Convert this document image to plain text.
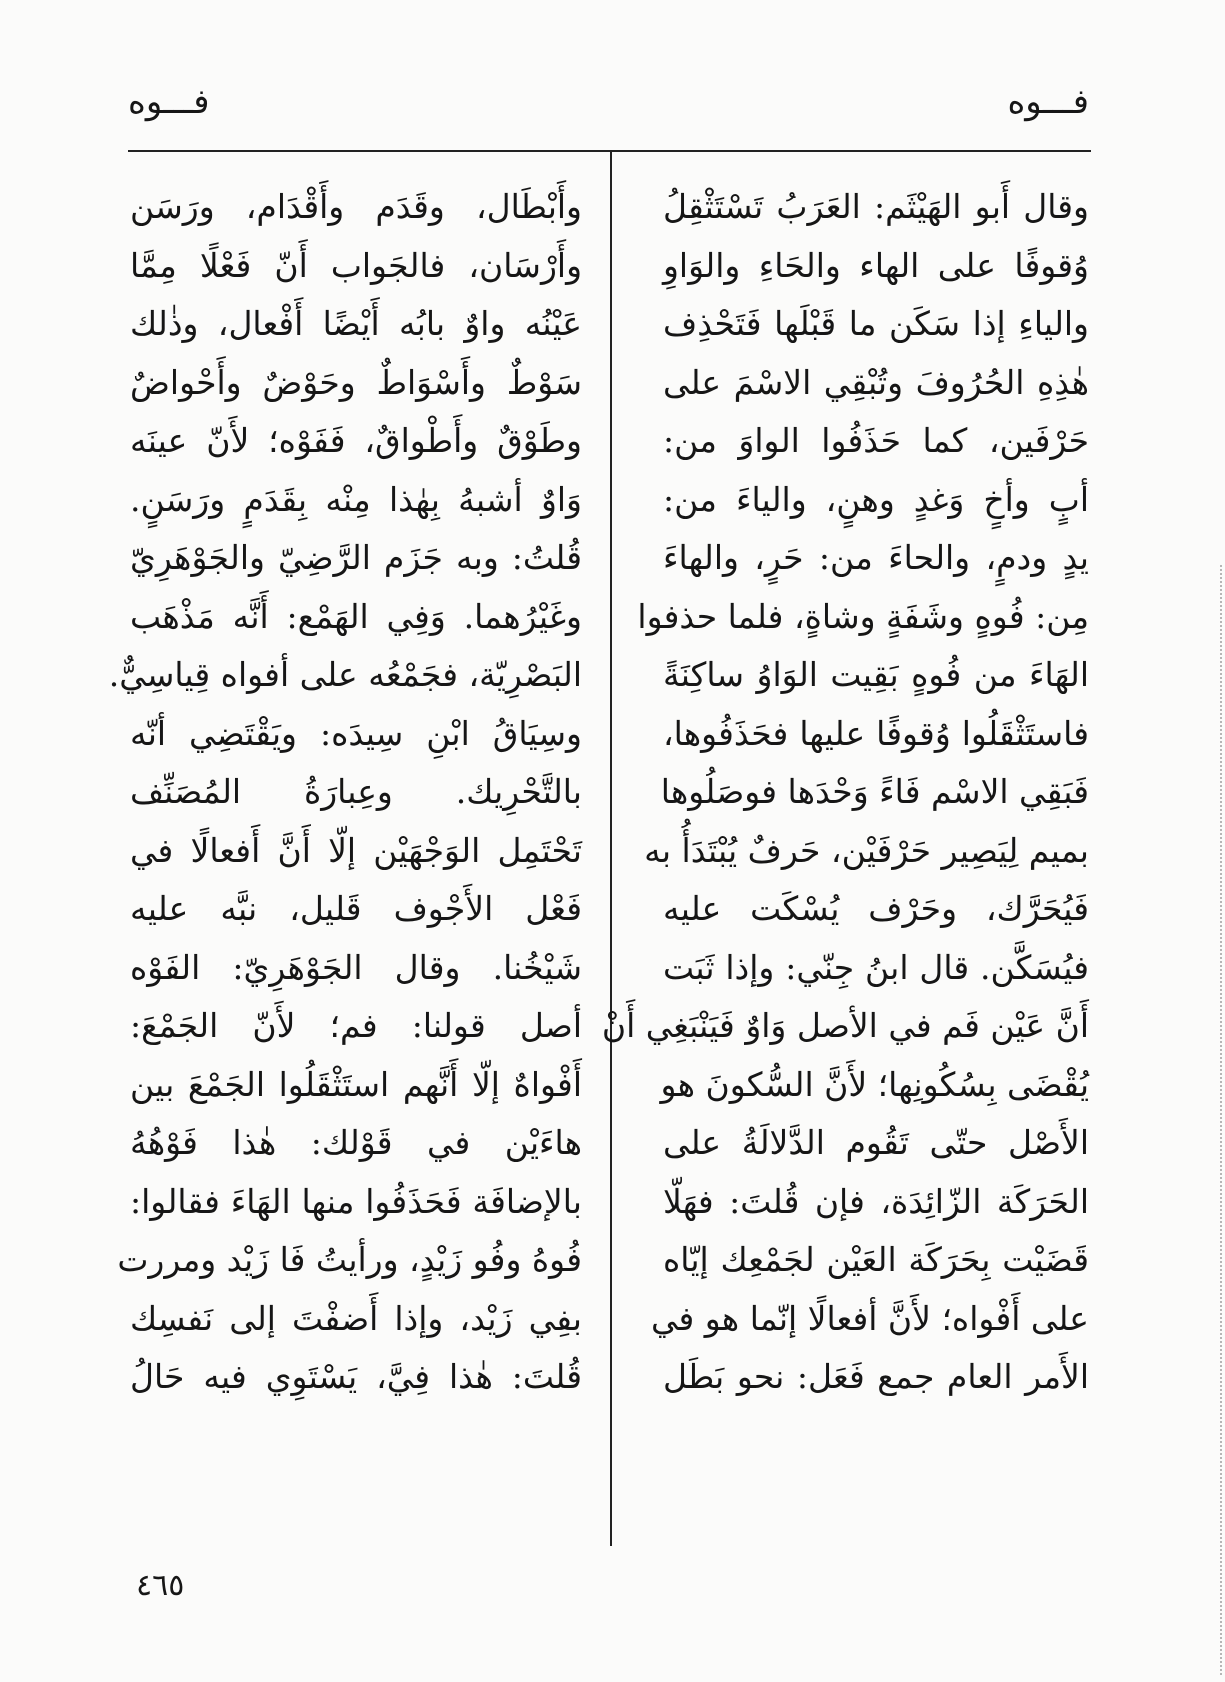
فـــوه
فـــوه
وقال أَبو الهَيْثَم: العَرَبُ تَسْتَثْقِلُ
وُقوفًا على الهاء والحَاءِ والوَاوِ
والياءِ إذا سَكَن ما قَبْلَها فَتَحْذِف
هٰذِهِ الحُرُوفَ وتُبْقِي الاسْمَ على
حَرْفَين، كما حَذَفُوا الواوَ من:
أبٍ وأخٍ وَغدٍ وهنٍ، والياءَ من:
يدٍ ودمٍ، والحاءَ من: حَرٍ، والهاءَ
مِن: فُوهٍ وشَفَةٍ وشاةٍ، فلما حذفوا
الهَاءَ من فُوهٍ بَقِيت الوَاوُ ساكِنَةً
فاستَثْقَلُوا وُقوفًا عليها فحَذَفُوها،
فَبَقِي الاسْم فَاءً وَحْدَها فوصَلُوها
بميم لِيَصِير حَرْفَيْن، حَرفٌ يُبْتَدَأُ به
فَيُحَرَّك، وحَرْف يُسْكَت عليه
فيُسَكَّن. قال ابنُ جِنّي: وإذا ثَبَت
أَنَّ عَيْن فَم في الأصل وَاوٌ فَيَنْبَغِي أَنْ
يُقْضَى بِسُكُونِها؛ لأَنَّ السُّكونَ هو
الأَصْل حتّى تَقُوم الدَّلالَةُ على
الحَرَكَة الزّائِدَة، فإن قُلتَ: فهَلّا
قَضَيْت بِحَرَكَة العَيْن لجَمْعِك إيّاه
على أَفْواه؛ لأَنَّ أفعالًا إنّما هو في
الأَمر العام جمع فَعَل: نحو بَطَل
وأَبْطَال، وقَدَم وأَقْدَام، ورَسَن
وأَرْسَان، فالجَواب أَنّ فَعْلًا مِمَّا
عَيْنُه واوٌ بابُه أَيْضًا أَفْعال، وذٰلك
سَوْطٌ وأَسْوَاطٌ وحَوْضٌ وأَحْواضٌ
وطَوْقٌ وأَطْواقٌ، فَفَوْه؛ لأَنّ عينَه
وَاوٌ أشبهُ بِهٰذا مِنْه بِقَدَمٍ ورَسَنٍ.
قُلتُ: وبه جَزَم الرَّضِيّ والجَوْهَرِيّ
وغَيْرُهما. وَفِي الهَمْع: أَنَّه مَذْهَب
البَصْرِيّة، فجَمْعُه على أفواه قِياسِيٌّ.
وسِيَاقُ ابْنِ سِيدَه: ويَقْتَضِي أنّه
بالتَّحْرِيك. وعِبارَةُ المُصَنِّف
تَحْتَمِل الوَجْهَيْن إلّا أَنَّ أَفعالًا في
فَعْل الأَجْوف قَليل، نبَّه عليه
شَيْخُنا. وقال الجَوْهَرِيّ: الفَوْه
أصل قولنا: فم؛ لأَنّ الجَمْعَ:
أَفْواهٌ إلّا أَنَّهم استَثْقَلُوا الجَمْعَ بين
هاءَيْن في قَوْلك: هٰذا فَوْهُهُ
بالإضافَة فَحَذَفُوا منها الهَاءَ فقالوا:
فُوهُ وفُو زَيْدٍ، ورأيتُ فَا زَيْد ومررت
بفِي زَيْد، وإذا أَضفْتَ إلى نَفسِك
قُلتَ: هٰذا فِيَّ، يَسْتَوِي فيه حَالُ
٤٦٥
